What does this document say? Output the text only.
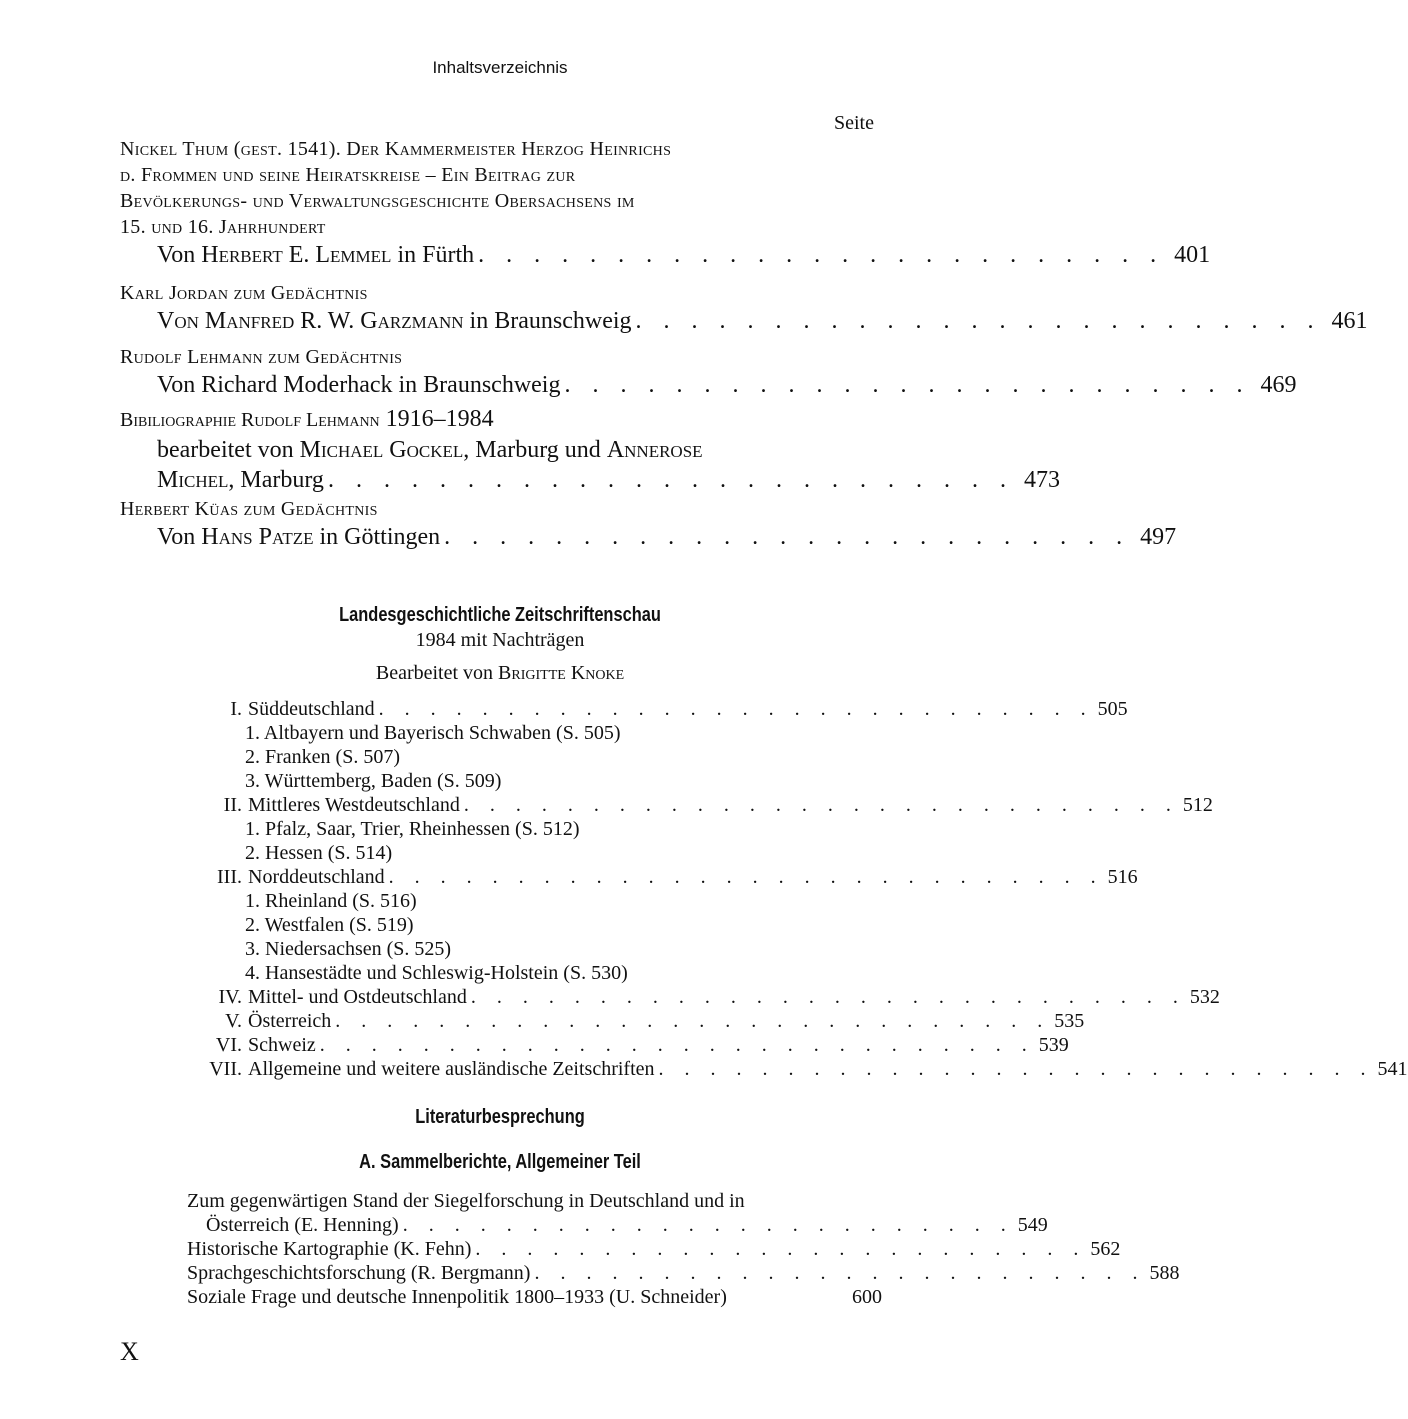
Inhaltsverzeichnis
Seite
Nickel Thum (gest. 1541). Der Kammermeister Herzog Heinrichs
d. Frommen und seine Heiratskreise – Ein Beitrag zur
Bevölkerungs- und Verwaltungsgeschichte Obersachsens im
15. und 16. Jahrhundert
Von Herbert E. Lemmel in Fürth . . . . . . . . . . . . . . . . . . . . . . . . . 401
Karl Jordan zum Gedächtnis
Von Manfred R. W. Garzmann in Braunschweig . . . . . . . . . . . . . . . . . . . . . . . . . 461
Rudolf Lehmann zum Gedächtnis
Von Richard Moderhack in Braunschweig . . . . . . . . . . . . . . . . . . . . . . . . . 469
Bibiliographie Rudolf Lehmann 1916–1984
bearbeitet von Michael Gockel, Marburg und Annerose
Michel, Marburg . . . . . . . . . . . . . . . . . . . . . . . . . 473
Herbert Küas zum Gedächtnis
Von Hans Patze in Göttingen . . . . . . . . . . . . . . . . . . . . . . . . . 497
Landesgeschichtliche Zeitschriftenschau
1984 mit Nachträgen
Bearbeitet von Brigitte Knoke
I. Süddeutschland . . . . . . . . . . . . . . . . . . . . . . . . . . . . 505
1. Altbayern und Bayerisch Schwaben (S. 505)
2. Franken (S. 507)
3. Württemberg, Baden (S. 509)
II. Mittleres Westdeutschland . . . . . . . . . . . . . . . . . . . . . . . . . . . . 512
1. Pfalz, Saar, Trier, Rheinhessen (S. 512)
2. Hessen (S. 514)
III. Norddeutschland . . . . . . . . . . . . . . . . . . . . . . . . . . . . 516
1. Rheinland (S. 516)
2. Westfalen (S. 519)
3. Niedersachsen (S. 525)
4. Hansestädte und Schleswig-Holstein (S. 530)
IV. Mittel- und Ostdeutschland . . . . . . . . . . . . . . . . . . . . . . . . . . . . 532
V. Österreich . . . . . . . . . . . . . . . . . . . . . . . . . . . . 535
VI. Schweiz . . . . . . . . . . . . . . . . . . . . . . . . . . . . 539
VII. Allgemeine und weitere ausländische Zeitschriften . . . . . . . . . . . . . . . . . . . . . . . . . . . . 541
Literaturbesprechung
A. Sammelberichte, Allgemeiner Teil
Zum gegenwärtigen Stand der Siegelforschung in Deutschland und in
Österreich (E. Henning) . . . . . . . . . . . . . . . . . . . . . . . . 549
Historische Kartographie (K. Fehn) . . . . . . . . . . . . . . . . . . . . . . . . 562
Sprachgeschichtsforschung (R. Bergmann) . . . . . . . . . . . . . . . . . . . . . . . . 588
Soziale Frage und deutsche Innenpolitik 1800–1933 (U. Schneider)	600
X
